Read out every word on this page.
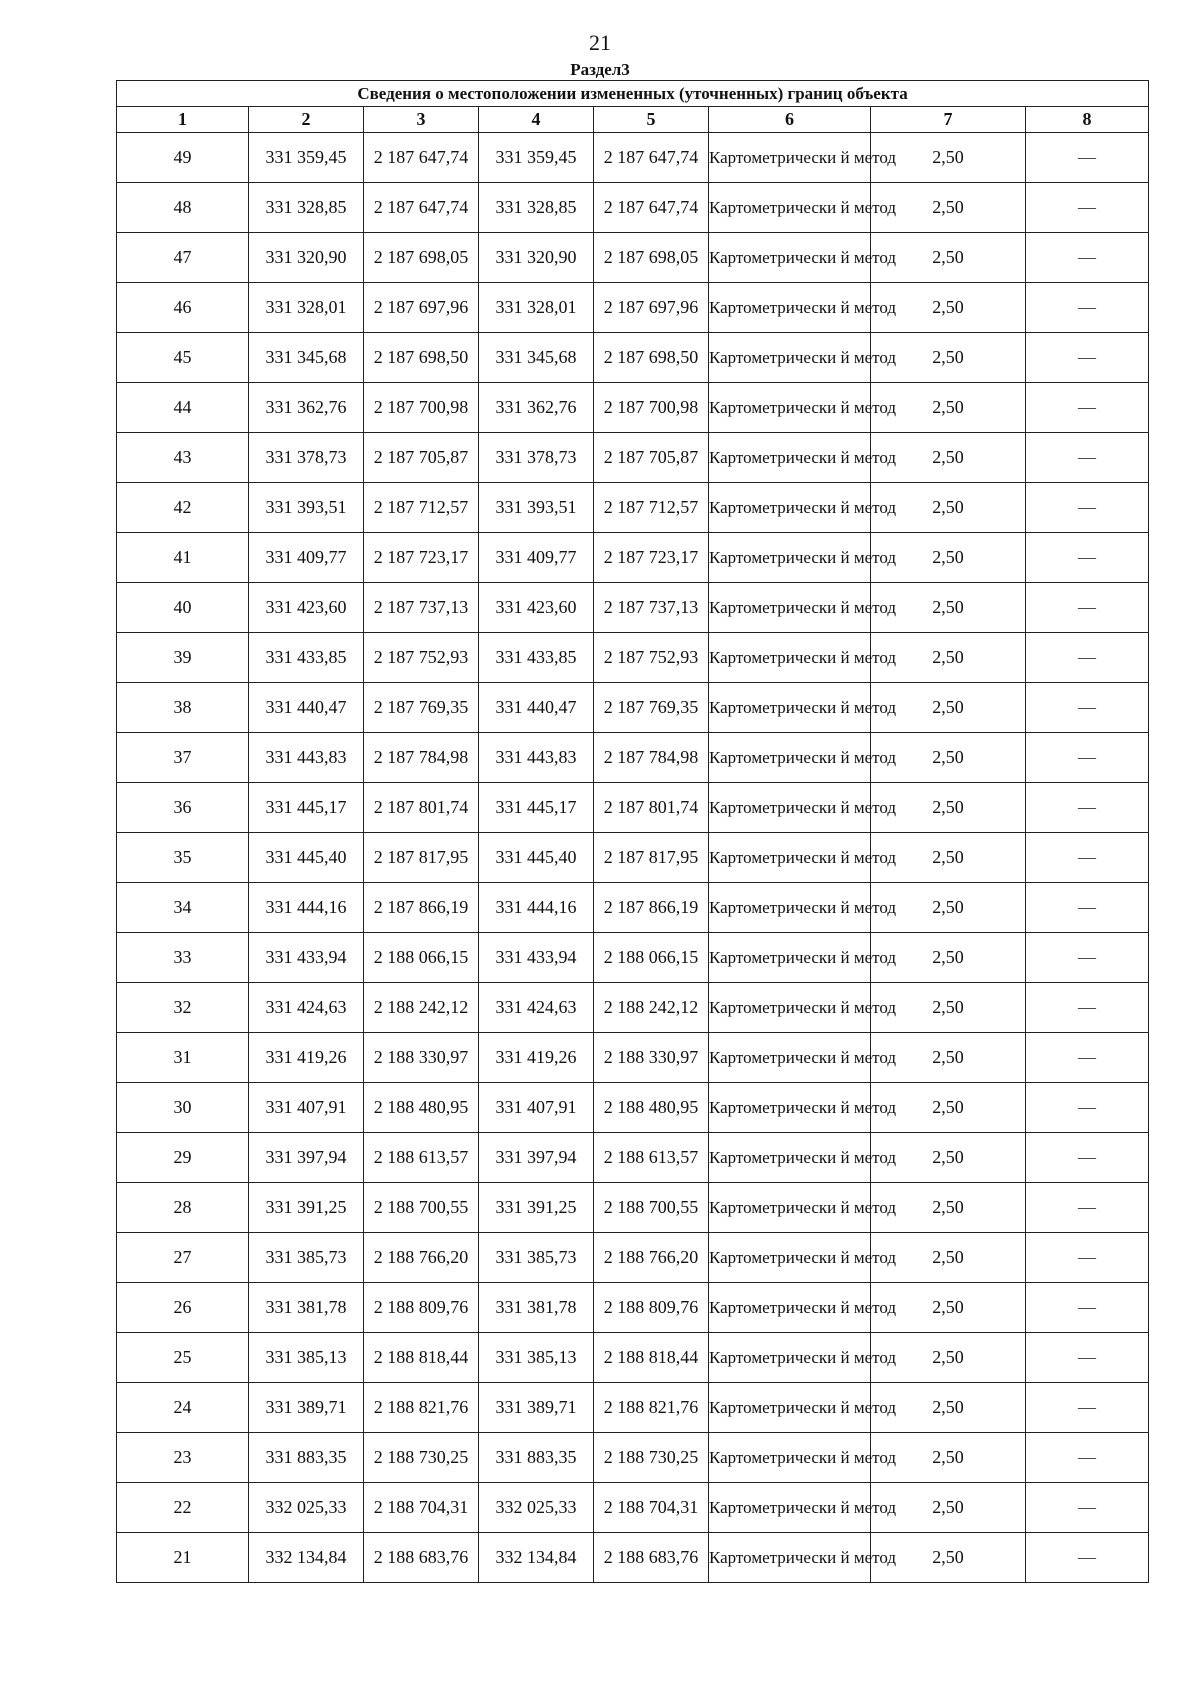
21
Раздел3
Сведения о местоположении измененных (уточненных) границ объекта							
1	2	3	4	5	6	7	8
49	331 359,45	2 187 647,74	331 359,45	2 187 647,74	Картометрически й метод	2,50	—
48	331 328,85	2 187 647,74	331 328,85	2 187 647,74	Картометрически й метод	2,50	—
47	331 320,90	2 187 698,05	331 320,90	2 187 698,05	Картометрически й метод	2,50	—
46	331 328,01	2 187 697,96	331 328,01	2 187 697,96	Картометрически й метод	2,50	—
45	331 345,68	2 187 698,50	331 345,68	2 187 698,50	Картометрически й метод	2,50	—
44	331 362,76	2 187 700,98	331 362,76	2 187 700,98	Картометрически й метод	2,50	—
43	331 378,73	2 187 705,87	331 378,73	2 187 705,87	Картометрически й метод	2,50	—
42	331 393,51	2 187 712,57	331 393,51	2 187 712,57	Картометрически й метод	2,50	—
41	331 409,77	2 187 723,17	331 409,77	2 187 723,17	Картометрически й метод	2,50	—
40	331 423,60	2 187 737,13	331 423,60	2 187 737,13	Картометрически й метод	2,50	—
39	331 433,85	2 187 752,93	331 433,85	2 187 752,93	Картометрически й метод	2,50	—
38	331 440,47	2 187 769,35	331 440,47	2 187 769,35	Картометрически й метод	2,50	—
37	331 443,83	2 187 784,98	331 443,83	2 187 784,98	Картометрически й метод	2,50	—
36	331 445,17	2 187 801,74	331 445,17	2 187 801,74	Картометрически й метод	2,50	—
35	331 445,40	2 187 817,95	331 445,40	2 187 817,95	Картометрически й метод	2,50	—
34	331 444,16	2 187 866,19	331 444,16	2 187 866,19	Картометрически й метод	2,50	—
33	331 433,94	2 188 066,15	331 433,94	2 188 066,15	Картометрически й метод	2,50	—
32	331 424,63	2 188 242,12	331 424,63	2 188 242,12	Картометрически й метод	2,50	—
31	331 419,26	2 188 330,97	331 419,26	2 188 330,97	Картометрически й метод	2,50	—
30	331 407,91	2 188 480,95	331 407,91	2 188 480,95	Картометрически й метод	2,50	—
29	331 397,94	2 188 613,57	331 397,94	2 188 613,57	Картометрически й метод	2,50	—
28	331 391,25	2 188 700,55	331 391,25	2 188 700,55	Картометрически й метод	2,50	—
27	331 385,73	2 188 766,20	331 385,73	2 188 766,20	Картометрически й метод	2,50	—
26	331 381,78	2 188 809,76	331 381,78	2 188 809,76	Картометрически й метод	2,50	—
25	331 385,13	2 188 818,44	331 385,13	2 188 818,44	Картометрически й метод	2,50	—
24	331 389,71	2 188 821,76	331 389,71	2 188 821,76	Картометрически й метод	2,50	—
23	331 883,35	2 188 730,25	331 883,35	2 188 730,25	Картометрически й метод	2,50	—
22	332 025,33	2 188 704,31	332 025,33	2 188 704,31	Картометрически й метод	2,50	—
21	332 134,84	2 188 683,76	332 134,84	2 188 683,76	Картометрически й метод	2,50	—
